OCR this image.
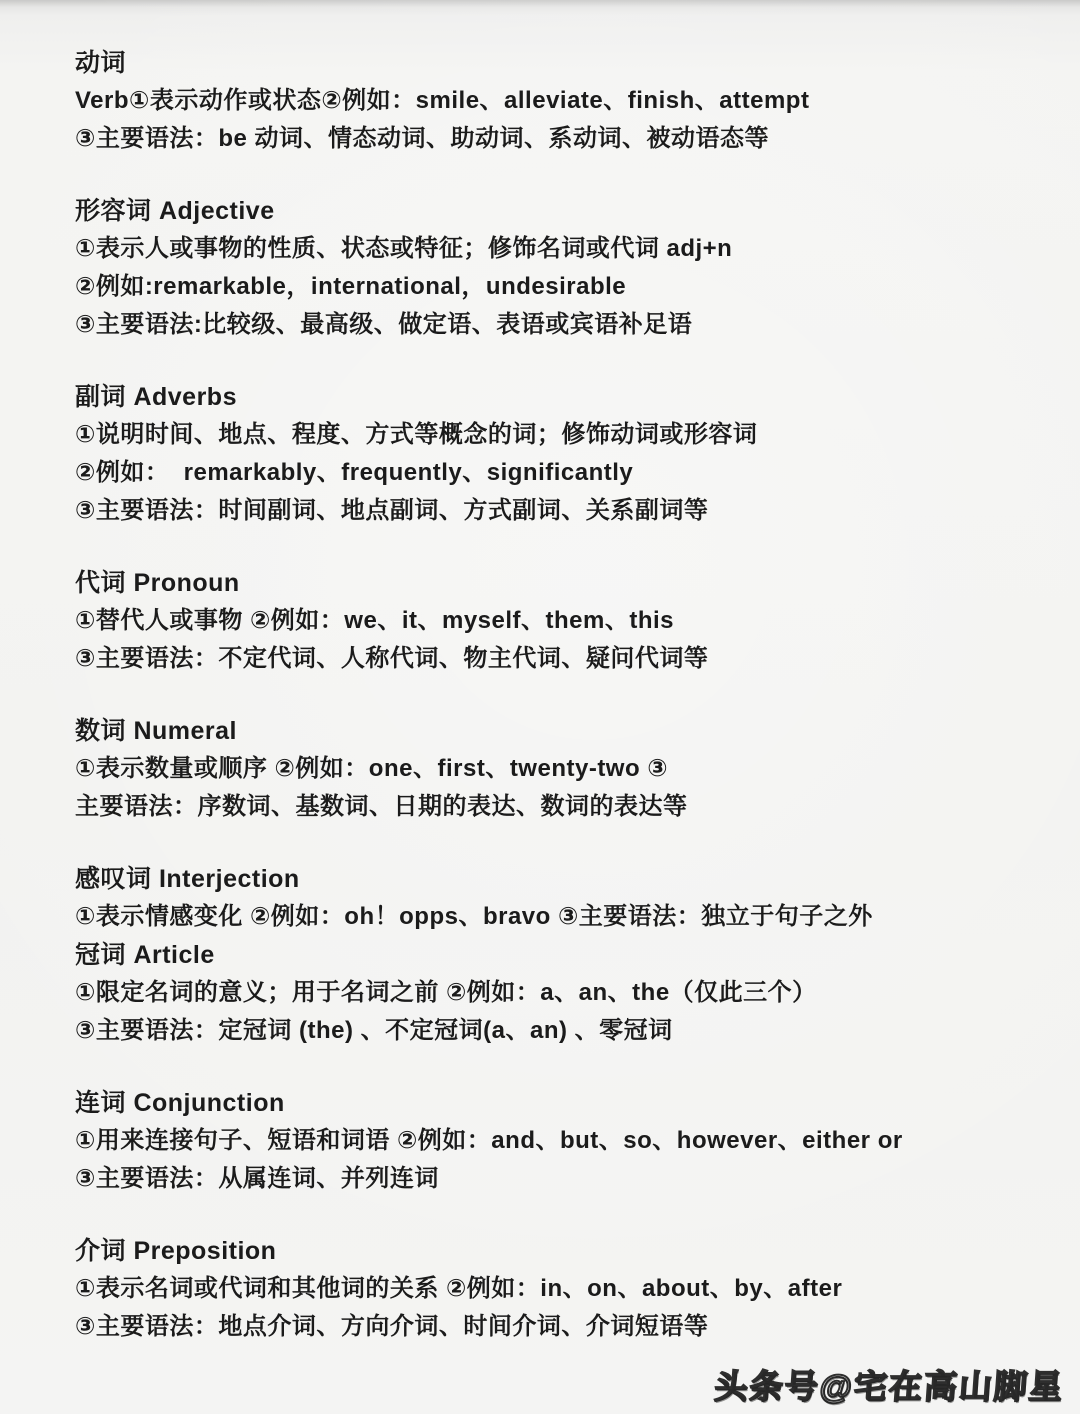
动词
Verb①表示动作或状态②例如：smile、alleviate、finish、attempt
③主要语法：be 动词、情态动词、助动词、系动词、被动语态等
形容词 Adjective
①表示人或事物的性质、状态或特征；修饰名词或代词 adj+n
②例如:remarkable，international，undesirable
③主要语法:比较级、最高级、做定语、表语或宾语补足语
副词 Adverbs
①说明时间、地点、程度、方式等概念的词；修饰动词或形容词
②例如：  remarkably、frequently、significantly
③主要语法：时间副词、地点副词、方式副词、关系副词等
代词 Pronoun
①替代人或事物 ②例如：we、it、myself、them、this
③主要语法：不定代词、人称代词、物主代词、疑问代词等
数词 Numeral
①表示数量或顺序 ②例如：one、first、twenty-two ③
主要语法：序数词、基数词、日期的表达、数词的表达等
感叹词 Interjection
①表示情感变化 ②例如：oh！opps、bravo ③主要语法：独立于句子之外
冠词 Article
①限定名词的意义；用于名词之前 ②例如：a、an、the（仅此三个）
③主要语法：定冠词 (the) 、不定冠词(a、an) 、零冠词
连词 Conjunction
①用来连接句子、短语和词语 ②例如：and、but、so、however、either or
③主要语法：从属连词、并列连词
介词 Preposition
①表示名词或代词和其他词的关系 ②例如：in、on、about、by、after
③主要语法：地点介词、方向介词、时间介词、介词短语等
头条号@宅在高山脚星
